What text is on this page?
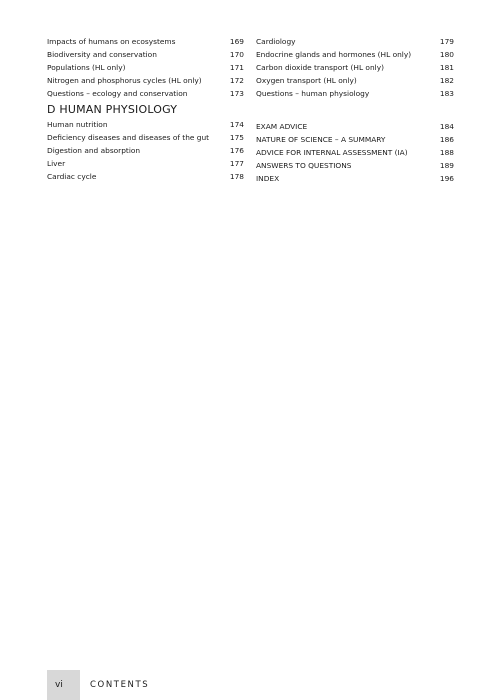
Impacts of humans on ecosystems	169
Biodiversity and conservation	170
Populations (HL only)	171
Nitrogen and phosphorus cycles (HL only)	172
Questions – ecology and conservation	173
D HUMAN PHYSIOLOGY
Human nutrition	174
Deficiency diseases and diseases of the gut	175
Digestion and absorption	176
Liver	177
Cardiac cycle	178
Cardiology	179
Endocrine glands and hormones (HL only)	180
Carbon dioxide transport (HL only)	181
Oxygen transport (HL only)	182
Questions – human physiology	183
EXAM ADVICE	184
NATURE OF SCIENCE – A SUMMARY	186
ADVICE FOR INTERNAL ASSESSMENT (IA)	188
ANSWERS TO QUESTIONS	189
INDEX	196
vi	CONTENTS
